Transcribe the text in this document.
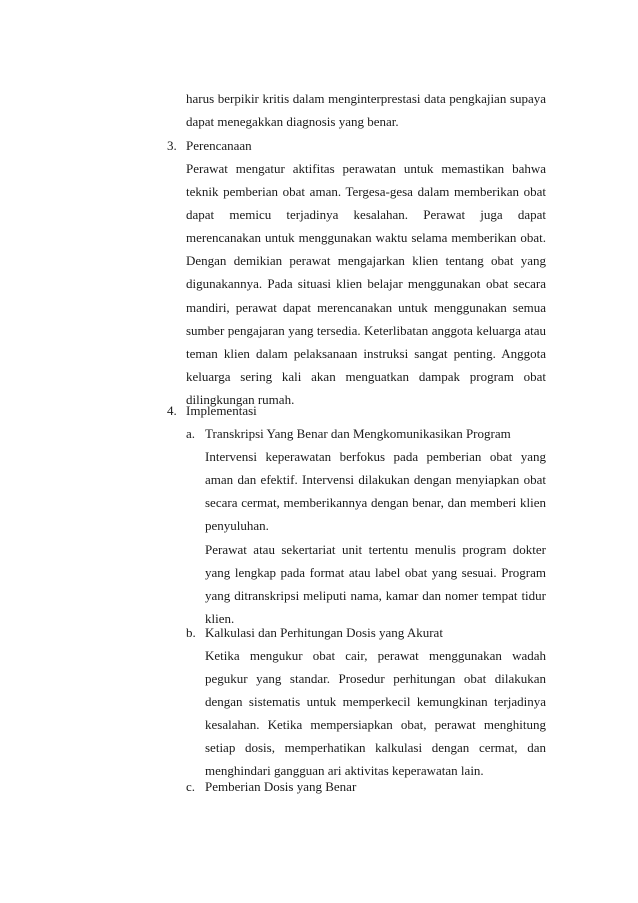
harus berpikir kritis dalam menginterprestasi data pengkajian supaya dapat menegakkan diagnosis yang benar.

3. Perencanaan

Perawat mengatur aktifitas perawatan untuk memastikan bahwa teknik pemberian obat aman. Tergesa-gesa dalam memberikan obat dapat memicu terjadinya kesalahan. Perawat juga dapat merencanakan untuk menggunakan waktu selama memberikan obat. Dengan demikian perawat mengajarkan klien tentang obat yang digunakannya. Pada situasi klien belajar menggunakan obat secara mandiri, perawat dapat merencanakan untuk menggunakan semua sumber pengajaran yang tersedia. Keterlibatan anggota keluarga atau teman klien dalam pelaksanaan instruksi sangat penting. Anggota keluarga sering kali akan menguatkan dampak program obat dilingkungan rumah.

4. Implementasi
a. Transkripsi Yang Benar dan Mengkomunikasikan Program

Intervensi keperawatan berfokus pada pemberian obat yang aman dan efektif. Intervensi dilakukan dengan menyiapkan obat secara cermat, memberikannya dengan benar, dan memberi klien penyuluhan.

Perawat atau sekertariat unit tertentu menulis program dokter yang lengkap pada format atau label obat yang sesuai. Program yang ditranskripsi meliputi nama, kamar dan nomer tempat tidur klien.

b. Kalkulasi dan Perhitungan Dosis yang Akurat

Ketika mengukur obat cair, perawat menggunakan wadah pegukur yang standar. Prosedur perhitungan obat dilakukan dengan sistematis untuk memperkecil kemungkinan terjadinya kesalahan. Ketika mempersiapkan obat, perawat menghitung setiap dosis, memperhatikan kalkulasi dengan cermat, dan menghindari gangguan ari aktivitas keperawatan lain.

c. Pemberian Dosis yang Benar
